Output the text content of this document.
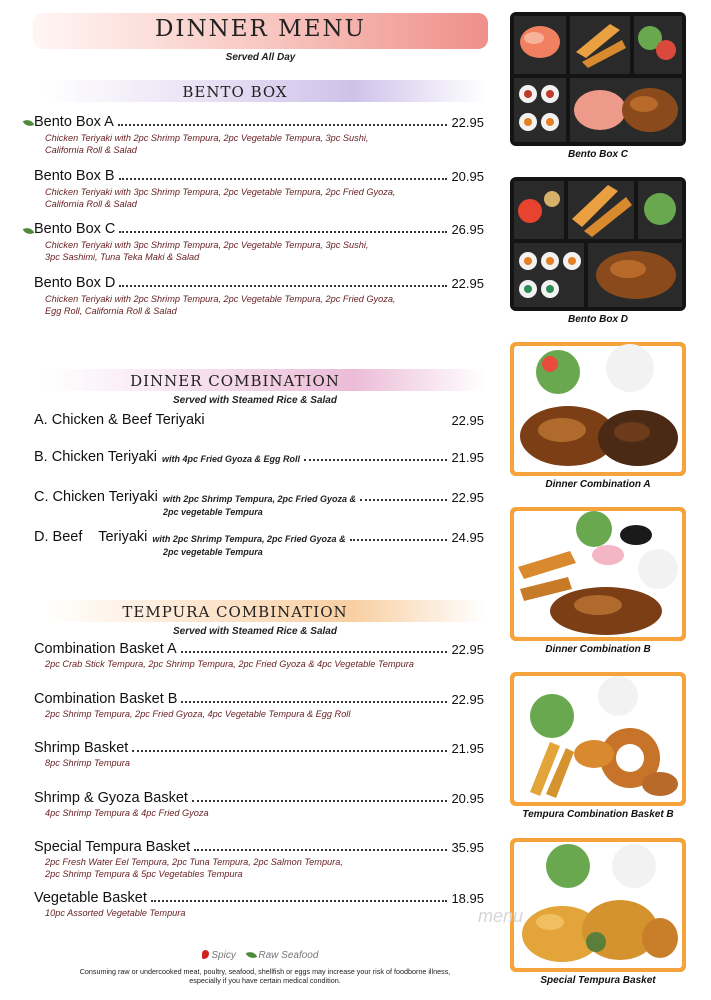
DINNER MENU
Served All Day
BENTO BOX
Bento Box A	22.95
Chicken Teriyaki with 2pc Shrimp Tempura, 2pc Vegetable Tempura, 3pc Sushi,
California Roll & Salad
Bento Box B	20.95
Chicken Teriyaki with 3pc Shrimp Tempura, 2pc Vegetable Tempura, 2pc Fried Gyoza,
California Roll & Salad
Bento Box C	26.95
Chicken Teriyaki with 3pc Shrimp Tempura, 2pc Vegetable Tempura, 3pc Sushi,
3pc Sashimi, Tuna Teka Maki & Salad
Bento Box D	22.95
Chicken Teriyaki with 2pc Shrimp Tempura, 2pc Vegetable Tempura, 2pc Fried Gyoza,
Egg Roll, California Roll & Salad
DINNER COMBINATION
Served with Steamed Rice & Salad
A. Chicken & Beef Teriyaki	22.95
B. Chicken Teriyaki with 4pc Fried Gyoza & Egg Roll	21.95
C. Chicken Teriyaki with 2pc Shrimp Tempura, 2pc Fried Gyoza &	22.95
2pc vegetable Tempura
D. Beef    Teriyaki with 2pc Shrimp Tempura, 2pc Fried Gyoza &	24.95
2pc vegetable Tempura
TEMPURA COMBINATION
Served with Steamed Rice & Salad
Combination Basket A	22.95
2pc Crab Stick Tempura, 2pc Shrimp Tempura, 2pc Fried Gyoza & 4pc Vegetable Tempura
Combination Basket B	22.95
2pc Shrimp Tempura, 2pc Fried Gyoza, 4pc Vegetable Tempura & Egg Roll
Shrimp Basket	21.95
8pc Shrimp Tempura
Shrimp & Gyoza Basket	20.95
4pc Shrimp Tempura & 4pc Fried Gyoza
Special Tempura Basket	35.95
2pc Fresh Water Eel Tempura, 2pc Tuna Tempura, 2pc Salmon Tempura,
2pc Shrimp Tempura & 5pc Vegetables Tempura
Vegetable Basket	18.95
10pc Assorted Vegetable Tempura
Bento Box C
Bento Box D
Dinner Combination A
Dinner Combination B
Tempura Combination Basket B
Special Tempura Basket
menu
Spicy Raw Seafood
Consuming raw or undercooked meat, poultry, seafood, shellfish or eggs may increase your risk of foodborne illness,
especially if you have certain medical condition.
